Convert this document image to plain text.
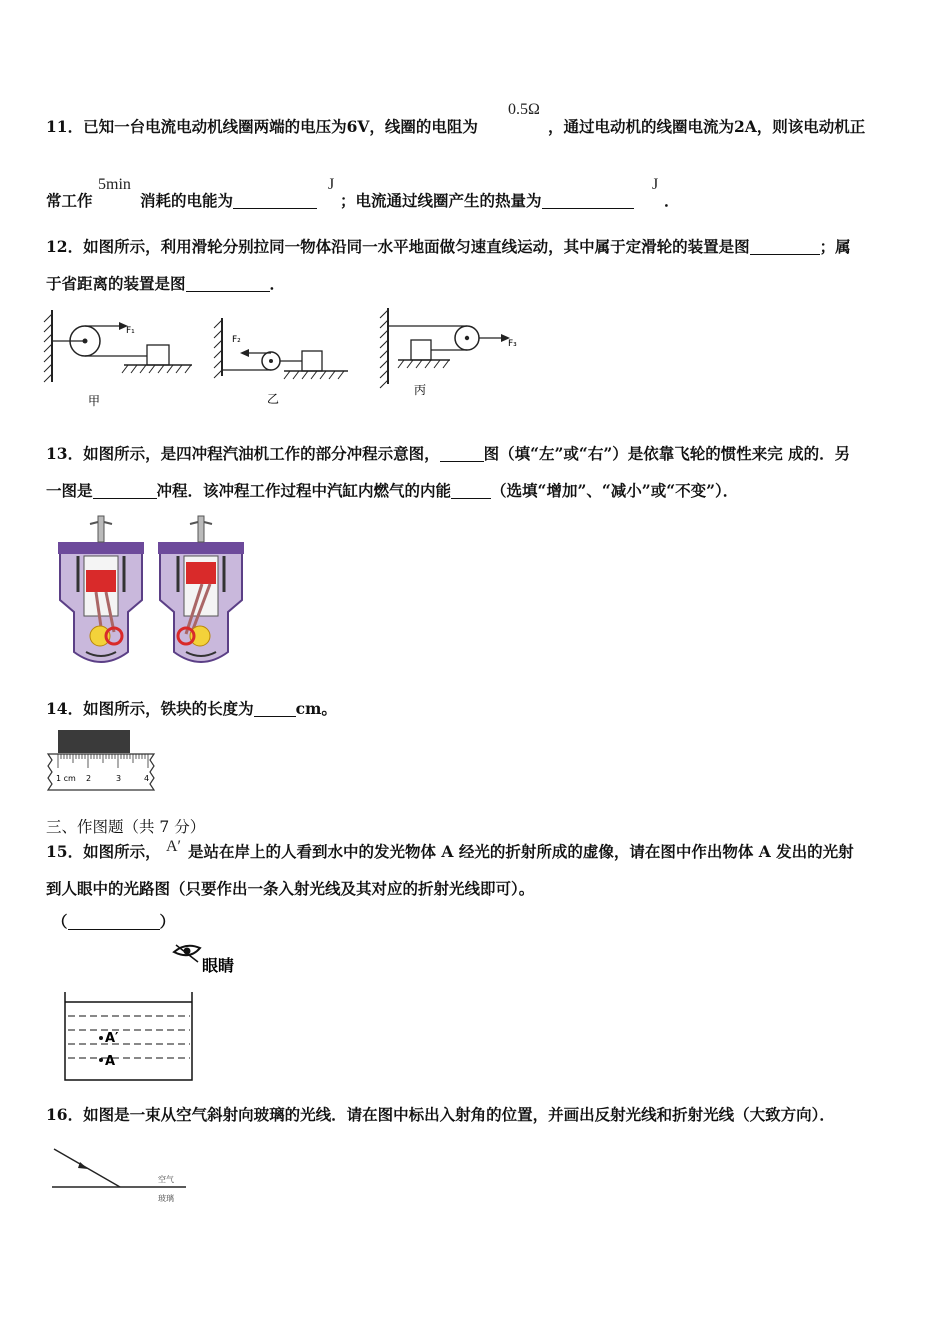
11．已知一台电流电动机线圈两端的电压为6V，线圈的电阻为
0.5Ω
，通过电动机的线圈电流为2A，则该电动机正
常工作
5min
消耗的电能为
J
；电流通过线圈产生的热量为
J
．
12．如图所示，利用滑轮分别拉同一物体沿同一水平地面做匀速直线运动，其中属于定滑轮的装置是图	；属
于省距离的装置是图	．
F₁
甲
F₂
乙
F₃
丙
13．如图所示，是四冲程汽油机工作的部分冲程示意图，	图（填“左”或“右”）是依靠飞轮的惯性来完 成的．另
一图是	冲程．该冲程工作过程中汽缸内燃气的内能	（选填“增加”、“减小”或“不变”）．
14．如图所示，铁块的长度为	cm。
1 cm 2	3	4
三、作图题（共 7 分）
15．如图所示， A′ 是站在岸上的人看到水中的发光物体 A 经光的折射所成的虚像，请在图中作出物体 A 发出的光射
到人眼中的光路图（只要作出一条入射光线及其对应的折射光线即可）。
（	）
眼睛
A′
A
16．如图是一束从空气斜射向玻璃的光线．请在图中标出入射角的位置，并画出反射光线和折射光线（大致方向）．
空气
玻璃
